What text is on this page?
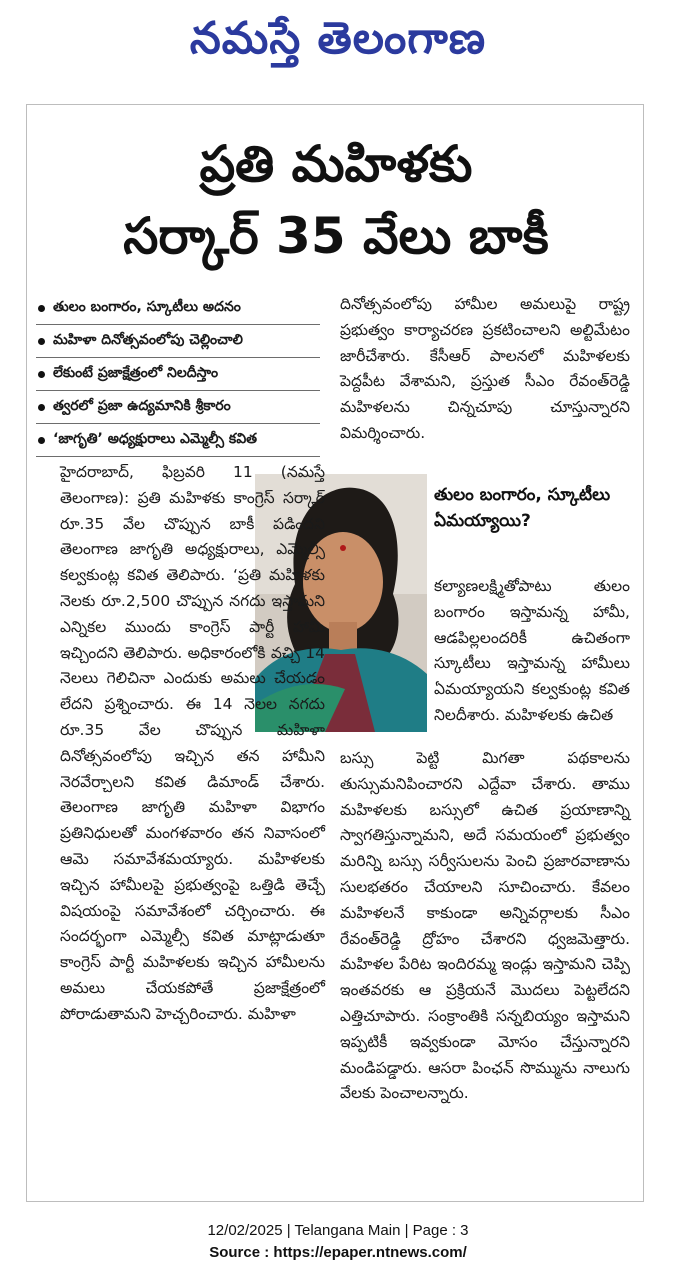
నమస్తే తెలంగాణ
ప్రతి మహిళకు
సర్కార్ 35 వేలు బాకీ
తులం బంగారం, స్కూటీలు అదనం
మహిళా దినోత్సవంలోపు చెల్లించాలి
లేకుంటే ప్రజాక్షేత్రంలో నిలదీస్తాం
త్వరలో ప్రజా ఉద్యమానికి శ్రీకారం
‘జాగృతి’ అధ్యక్షురాలు ఎమ్మెల్సీ కవిత
దినోత్సవంలోపు హామీల అమలుపై రాష్ట్ర ప్రభుత్వం కార్యాచరణ ప్రకటించాలని అల్టిమేటం జారీచేశారు. కేసీఆర్ పాలనలో మహిళలకు పెద్దపీట వేశామని, ప్రస్తుత సీఎం రేవంత్‌రెడ్డి మహిళలను చిన్నచూపు చూస్తున్నారని విమర్శించారు.
తులం బంగారం, స్కూటీలు ఏమయ్యాయి?
కల్యాణలక్ష్మితోపాటు తులం బంగారం ఇస్తామన్న హామీ, ఆడపిల్లలందరికీ ఉచితంగా స్కూటీలు ఇస్తామన్న హామీలు ఏమయ్యాయని కల్వకుంట్ల కవిత నిలదీశారు. మహిళలకు ఉచిత
హైదరాబాద్, ఫిబ్రవరి 11 (నమస్తే తెలంగాణ): ప్రతి మహిళకు కాంగ్రెస్ సర్కార్ రూ.35 వేల చొప్పున బాకీ పడిందని తెలంగాణ జాగృతి అధ్యక్షురాలు, ఎమ్మెల్సీ కల్వకుంట్ల కవిత తెలిపారు. ‘ప్రతి మహిళకు నెలకు రూ.2,500 చొప్పున నగదు ఇస్తామని ఎన్నికల ముందు కాంగ్రెస్ పార్టీ హామీ ఇచ్చిందని తెలిపారు. అధికారంలోకి వచ్చి 14 నెలలు గెలిచినా ఎందుకు అమలు చేయడం లేదని ప్రశ్నించారు. ఈ 14 నెలల నగదు రూ.35 వేల చొప్పున మహిళా దినోత్సవంలోపు ఇచ్చిన తన హామీని నెరవేర్చాలని కవిత డిమాండ్ చేశారు. తెలంగాణ జాగృతి మహిళా విభాగం ప్రతినిధులతో మంగళవారం తన నివాసంలో ఆమె సమావేశమయ్యారు. మహిళలకు ఇచ్చిన హామీలపై ప్రభుత్వంపై ఒత్తిడి తెచ్చే విషయంపై సమావేశంలో చర్చించారు. ఈ సందర్భంగా ఎమ్మెల్సీ కవిత మాట్లాడుతూ కాంగ్రెస్ పార్టీ మహిళలకు ఇచ్చిన హామీలను అమలు చేయకపోతే ప్రజాక్షేత్రంలో పోరాడుతామని హెచ్చరించారు. మహిళా
బస్సు పెట్టి మిగతా పథకాలను తుస్సుమనిపించారని ఎద్దేవా చేశారు. తాము మహిళలకు బస్సులో ఉచిత ప్రయాణాన్ని స్వాగతిస్తున్నామని, అదే సమయంలో ప్రభుత్వం మరిన్ని బస్సు సర్వీసులను పెంచి ప్రజారవాణాను సులభతరం చేయాలని సూచించారు. కేవలం మహిళలనే కాకుండా అన్నివర్గాలకు సీఎం రేవంత్‌రెడ్డి ద్రోహం చేశారని ధ్వజమెత్తారు. మహిళల పేరిట ఇందిరమ్మ ఇండ్లు ఇస్తామని చెప్పి ఇంతవరకు ఆ ప్రక్రియనే మొదలు పెట్టలేదని ఎత్తిచూపారు. సంక్రాంతికి సన్నబియ్యం ఇస్తామని ఇప్పటికీ ఇవ్వకుండా మోసం చేస్తున్నారని మండిపడ్డారు. ఆసరా పింఛన్ సొమ్మును నాలుగు వేలకు పెంచాలన్నారు.
12/02/2025 | Telangana Main | Page : 3
Source : https://epaper.ntnews.com/
